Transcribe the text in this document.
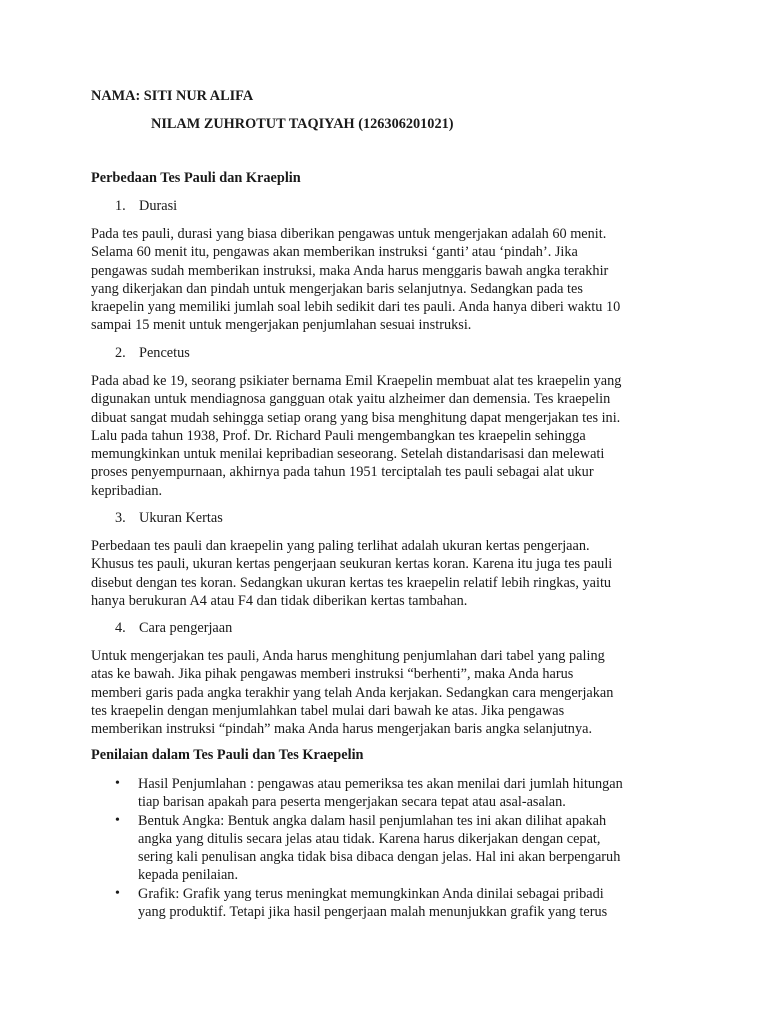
NAMA: SITI NUR ALIFA
NILAM ZUHROTUT TAQIYAH (126306201021)
Perbedaan Tes Pauli dan Kraeplin
1. Durasi

Pada tes pauli, durasi yang biasa diberikan pengawas untuk mengerjakan adalah 60 menit.

Selama 60 menit itu, pengawas akan memberikan instruksi ‘ganti’ atau ‘pindah’. Jika

pengawas sudah memberikan instruksi, maka Anda harus menggaris bawah angka terakhir

yang dikerjakan dan pindah untuk mengerjakan baris selanjutnya. Sedangkan pada tes

kraepelin yang memiliki jumlah soal lebih sedikit dari tes pauli. Anda hanya diberi waktu 10

sampai 15 menit untuk mengerjakan penjumlahan sesuai instruksi.

2. Pencetus

Pada abad ke 19, seorang psikiater bernama Emil Kraepelin membuat alat tes kraepelin yang

digunakan untuk mendiagnosa gangguan otak yaitu alzheimer dan demensia. Tes kraepelin

dibuat sangat mudah sehingga setiap orang yang bisa menghitung dapat mengerjakan tes ini.

Lalu pada tahun 1938, Prof. Dr. Richard Pauli mengembangkan tes kraepelin sehingga

memungkinkan untuk menilai kepribadian seseorang. Setelah distandarisasi dan melewati

proses penyempurnaan, akhirnya pada tahun 1951 terciptalah tes pauli sebagai alat ukur

kepribadian.

3. Ukuran Kertas

Perbedaan tes pauli dan kraepelin yang paling terlihat adalah ukuran kertas pengerjaan.

Khusus tes pauli, ukuran kertas pengerjaan seukuran kertas koran. Karena itu juga tes pauli

disebut dengan tes koran. Sedangkan ukuran kertas tes kraepelin relatif lebih ringkas, yaitu

hanya berukuran A4 atau F4 dan tidak diberikan kertas tambahan.

4. Cara pengerjaan

Untuk mengerjakan tes pauli, Anda harus menghitung penjumlahan dari tabel yang paling

atas ke bawah. Jika pihak pengawas memberi instruksi “berhenti”, maka Anda harus

memberi garis pada angka terakhir yang telah Anda kerjakan. Sedangkan cara mengerjakan

tes kraepelin dengan menjumlahkan tabel mulai dari bawah ke atas. Jika pengawas

memberikan instruksi “pindah” maka Anda harus mengerjakan baris angka selanjutnya.

Penilaian dalam Tes Pauli dan Tes Kraepelin
• Hasil Penjumlahan : pengawas atau pemeriksa tes akan menilai dari jumlah hitungan

tiap barisan apakah para peserta mengerjakan secara tepat atau asal-asalan.

• Bentuk Angka: Bentuk angka dalam hasil penjumlahan tes ini akan dilihat apakah

angka yang ditulis secara jelas atau tidak. Karena harus dikerjakan dengan cepat,

sering kali penulisan angka tidak bisa dibaca dengan jelas. Hal ini akan berpengaruh

kepada penilaian.

• Grafik: Grafik yang terus meningkat memungkinkan Anda dinilai sebagai pribadi

yang produktif. Tetapi jika hasil pengerjaan malah menunjukkan grafik yang terus
